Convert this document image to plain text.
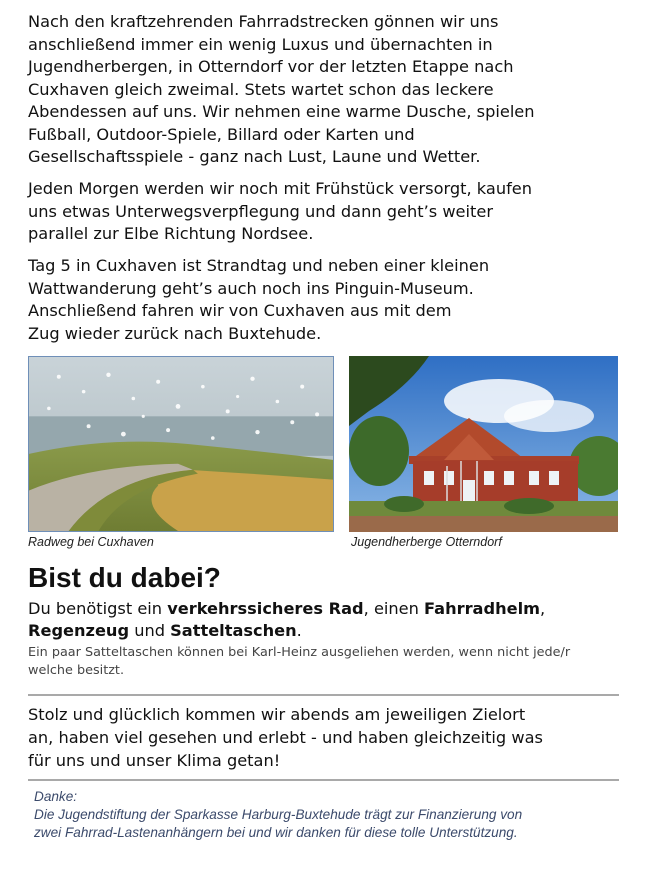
Nach den kraftzehrenden Fahrradstrecken gönnen wir uns
anschließend immer ein wenig Luxus und übernachten in
Jugendherbergen, in Otterndorf vor der letzten Etappe nach
Cuxhaven gleich zweimal. Stets wartet schon das leckere
Abendessen auf uns. Wir nehmen eine warme Dusche, spielen
Fußball, Outdoor-Spiele, Billard oder Karten und
Gesellschaftsspiele - ganz nach Lust, Laune und Wetter.

Jeden Morgen werden wir noch mit Frühstück versorgt, kaufen
uns etwas Unterwegsverpflegung und dann geht’s weiter
parallel zur Elbe Richtung Nordsee.

Tag 5 in Cuxhaven ist Strandtag und neben einer kleinen
Wattwanderung geht’s auch noch ins Pinguin-Museum.
Anschließend fahren wir von Cuxhaven aus mit dem
Zug wieder zurück nach Buxtehude.

Radweg bei Cuxhaven	Jugendherberge Otterndorf
Bist du dabei?

Du benötigst ein verkehrssicheres Rad, einen Fahrradhelm,
Regenzeug und Satteltaschen.

Ein paar Satteltaschen können bei Karl-Heinz ausgeliehen werden, wenn nicht jede/r welche besitzt.

Stolz und glücklich kommen wir abends am jeweiligen Zielort
an, haben viel gesehen und erlebt - und haben gleichzeitig was
für uns und unser Klima getan!

Danke:
Die Jugendstiftung der Sparkasse Harburg-Buxtehude trägt zur Finanzierung von
zwei Fahrrad-Lastenanhängern bei und wir danken für diese tolle Unterstützung.
